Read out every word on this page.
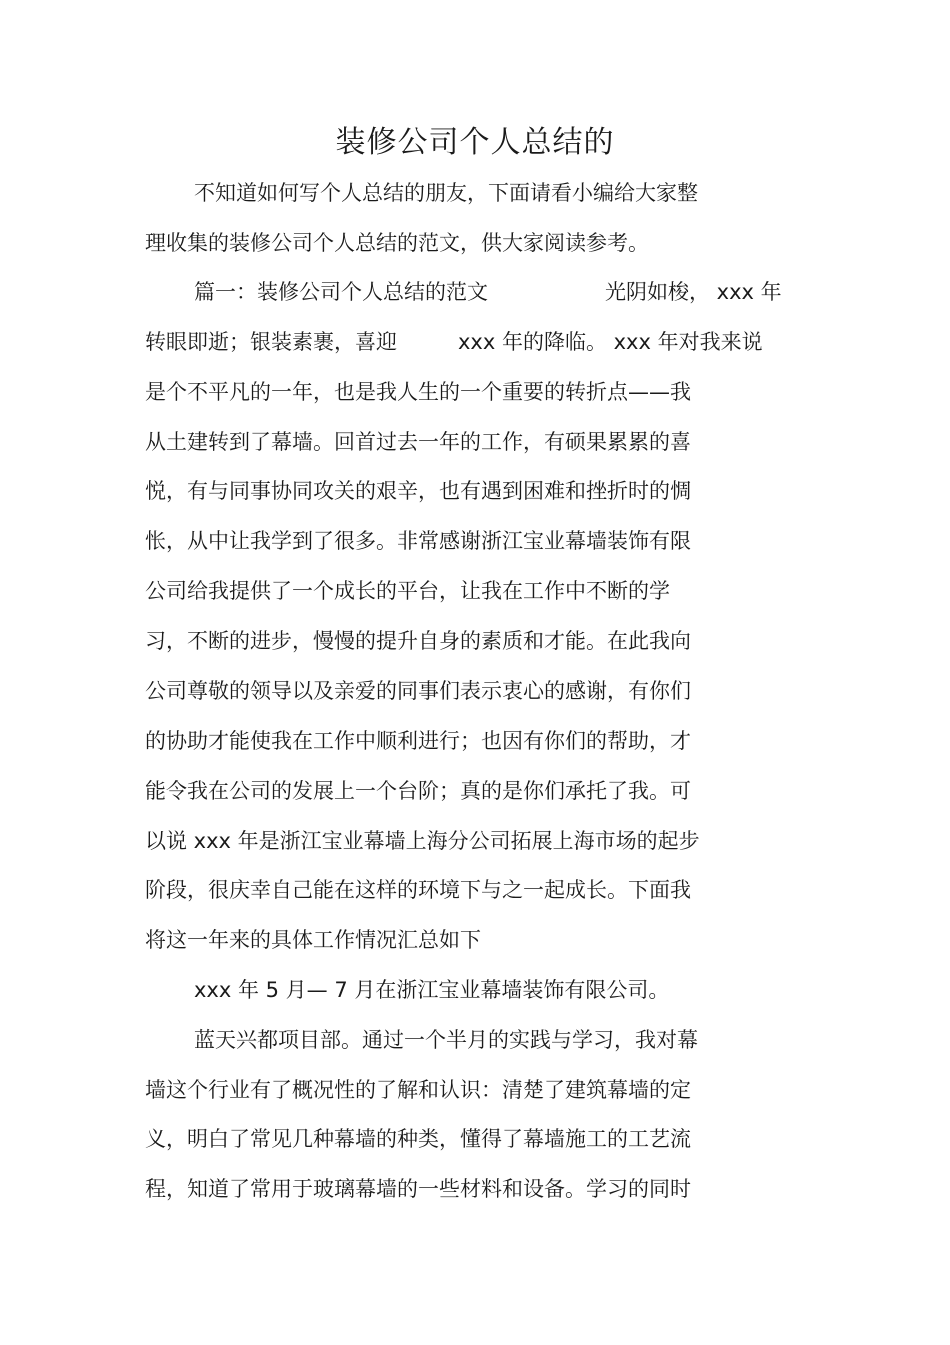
装修公司个人总结的

不知道如何写个人总结的朋友，下面请看小编给大家整

理收集的装修公司个人总结的范文，供大家阅读参考。

篇一：装修公司个人总结的范文	光阴如梭， xxx 年

转眼即逝；银装素裹，喜迎	xxx 年的降临。 xxx 年对我来说

是个不平凡的一年，也是我人生的一个重要的转折点——我

从土建转到了幕墙。回首过去一年的工作，有硕果累累的喜

悦，有与同事协同攻关的艰辛，也有遇到困难和挫折时的惆

怅，从中让我学到了很多。非常感谢浙江宝业幕墙装饰有限

公司给我提供了一个成长的平台，让我在工作中不断的学

习，不断的进步，慢慢的提升自身的素质和才能。在此我向

公司尊敬的领导以及亲爱的同事们表示衷心的感谢，有你们

的协助才能使我在工作中顺利进行；也因有你们的帮助，才

能令我在公司的发展上一个台阶；真的是你们承托了我。可

以说 xxx 年是浙江宝业幕墙上海分公司拓展上海市场的起步

阶段，很庆幸自己能在这样的环境下与之一起成长。下面我

将这一年来的具体工作情况汇总如下

xxx 年 5 月— 7 月在浙江宝业幕墙装饰有限公司。

蓝天兴都项目部。通过一个半月的实践与学习，我对幕

墙这个行业有了概况性的了解和认识：清楚了建筑幕墙的定

义，明白了常见几种幕墙的种类，懂得了幕墙施工的工艺流

程，知道了常用于玻璃幕墙的一些材料和设备。学习的同时
